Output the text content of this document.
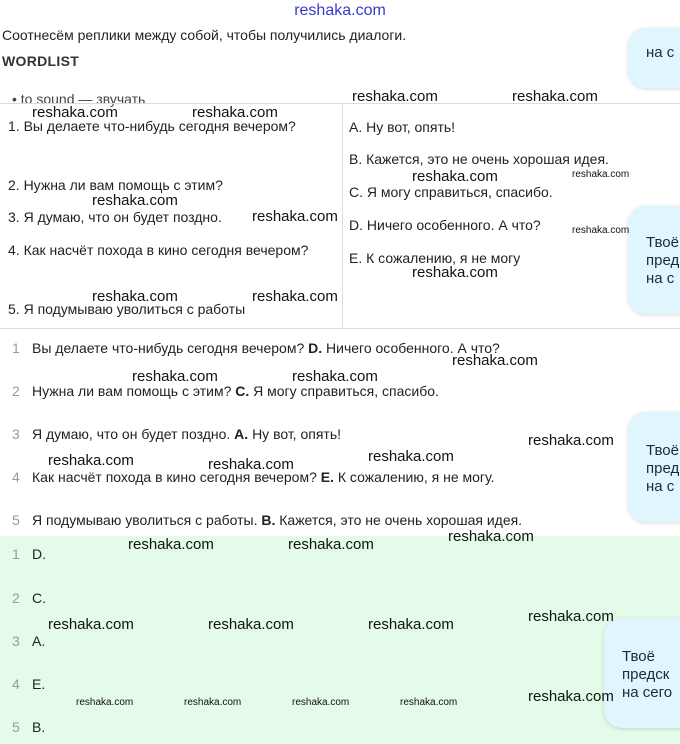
reshaka.com
Соотнесём реплики между собой, чтобы получились диалоги.
WORDLIST
• to sound — звучать
1. Вы делаете что-нибудь сегодня вечером?
2. Нужна ли вам помощь с этим?
3. Я думаю, что он будет поздно.
4. Как насчёт похода в кино сегодня вечером?
5. Я подумываю уволиться с работы
A. Ну вот, опять!
B. Кажется, это не очень хорошая идея.
C. Я могу справиться, спасибо.
D. Ничего особенного. А что?
E. К сожалению, я не могу
1 Вы делаете что-нибудь сегодня вечером? D. Ничего особенного. А что?
2 Нужна ли вам помощь с этим? C. Я могу справиться, спасибо.
3 Я думаю, что он будет поздно. A. Ну вот, опять!
4 Как насчёт похода в кино сегодня вечером? E. К сожалению, я не могу.
5 Я подумываю уволиться с работы. B. Кажется, это не очень хорошая идея.
1 D.
2 C.
3 A.
4 E.
5 B.
на с
Твоё
пред
на с
Твоё
пред
на с
Твоё
предск
на сего
reshaka.com	reshaka.com
reshaka.com	reshaka.com
reshaka.com
reshaka.com	reshaka.com
reshaka.com
reshaka.com
reshaka.com
reshaka.com	reshaka.com
reshaka.com
reshaka.com	reshaka.com
reshaka.com
reshaka.com
reshaka.com	reshaka.com
reshaka.com
reshaka.com	reshaka.com
reshaka.com
reshaka.com	reshaka.com	reshaka.com
reshaka.com
reshaka.com	reshaka.com	reshaka.com	reshaka.com
